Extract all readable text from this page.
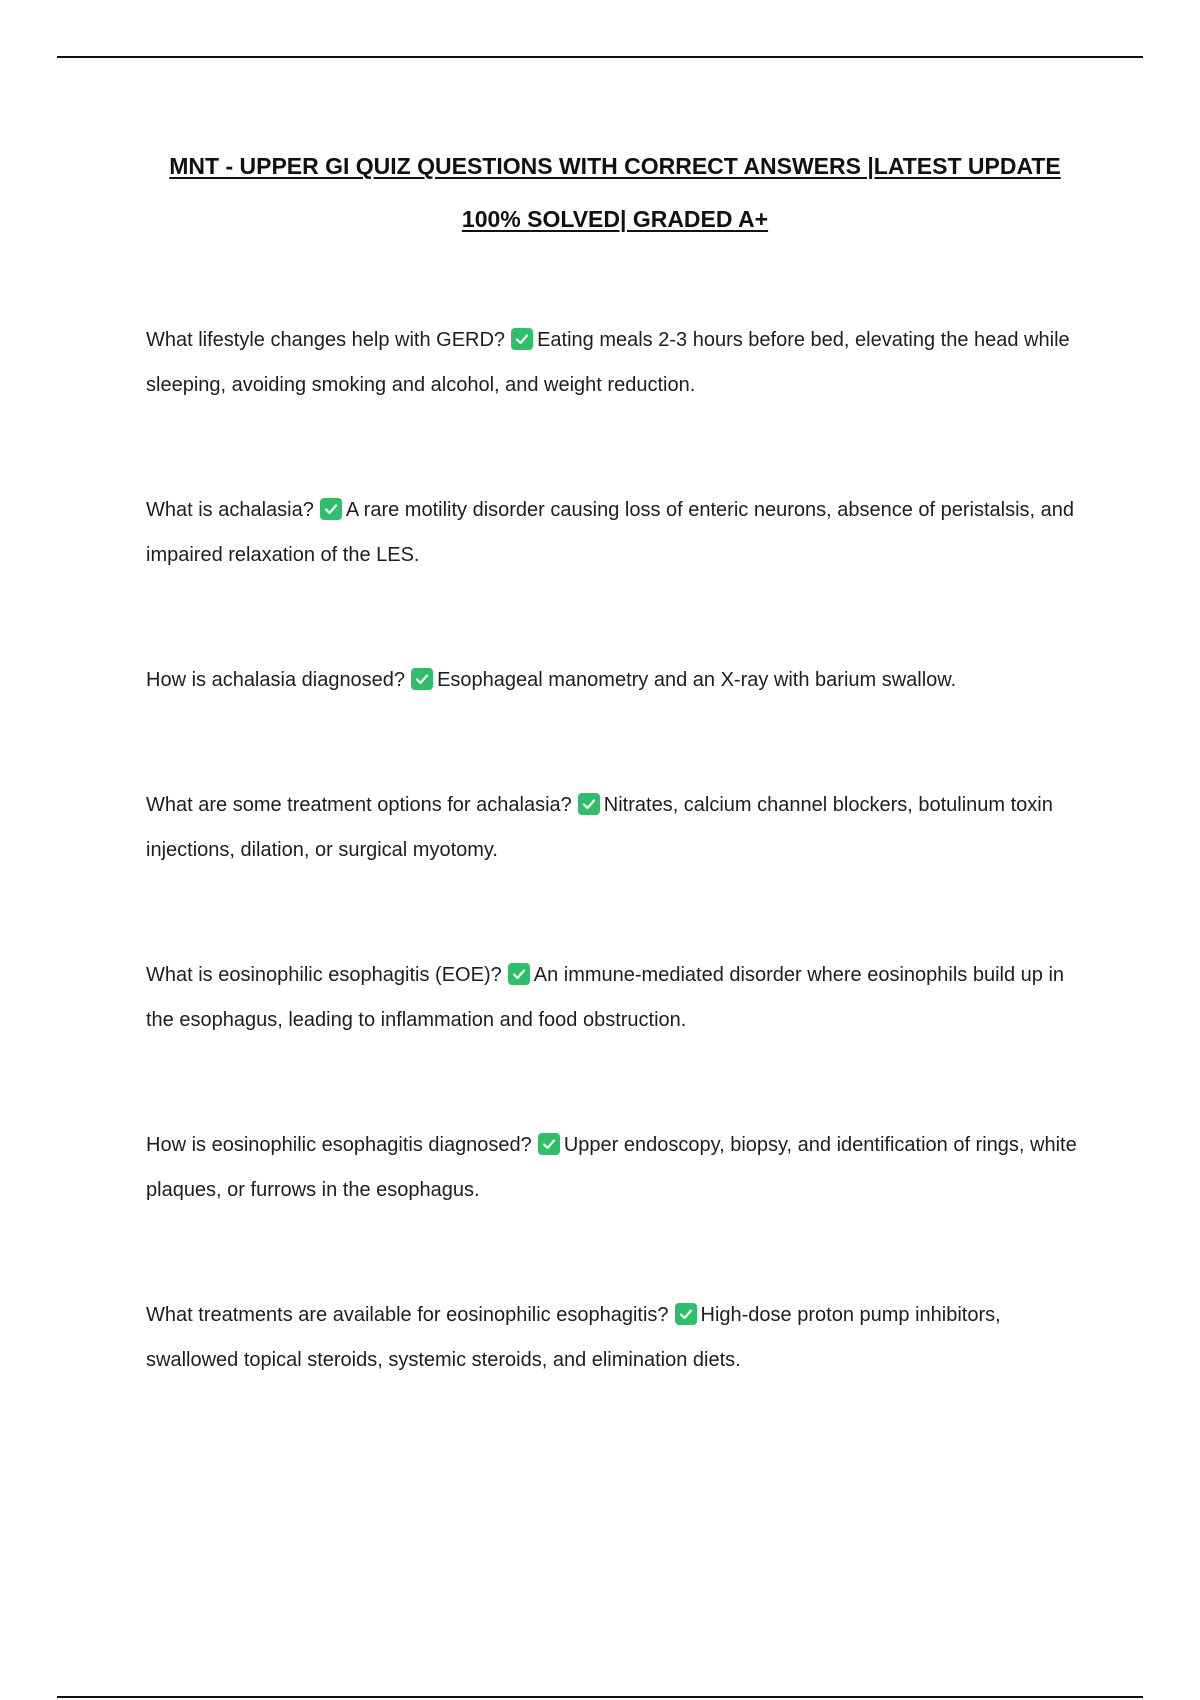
MNT - UPPER GI QUIZ QUESTIONS WITH CORRECT ANSWERS |LATEST UPDATE 100% SOLVED| GRADED A+
What lifestyle changes help with GERD? Eating meals 2-3 hours before bed, elevating the head while sleeping, avoiding smoking and alcohol, and weight reduction.
What is achalasia? A rare motility disorder causing loss of enteric neurons, absence of peristalsis, and impaired relaxation of the LES.
How is achalasia diagnosed? Esophageal manometry and an X-ray with barium swallow.
What are some treatment options for achalasia? Nitrates, calcium channel blockers, botulinum toxin injections, dilation, or surgical myotomy.
What is eosinophilic esophagitis (EOE)? An immune-mediated disorder where eosinophils build up in the esophagus, leading to inflammation and food obstruction.
How is eosinophilic esophagitis diagnosed? Upper endoscopy, biopsy, and identification of rings, white plaques, or furrows in the esophagus.
What treatments are available for eosinophilic esophagitis? High-dose proton pump inhibitors, swallowed topical steroids, systemic steroids, and elimination diets.
